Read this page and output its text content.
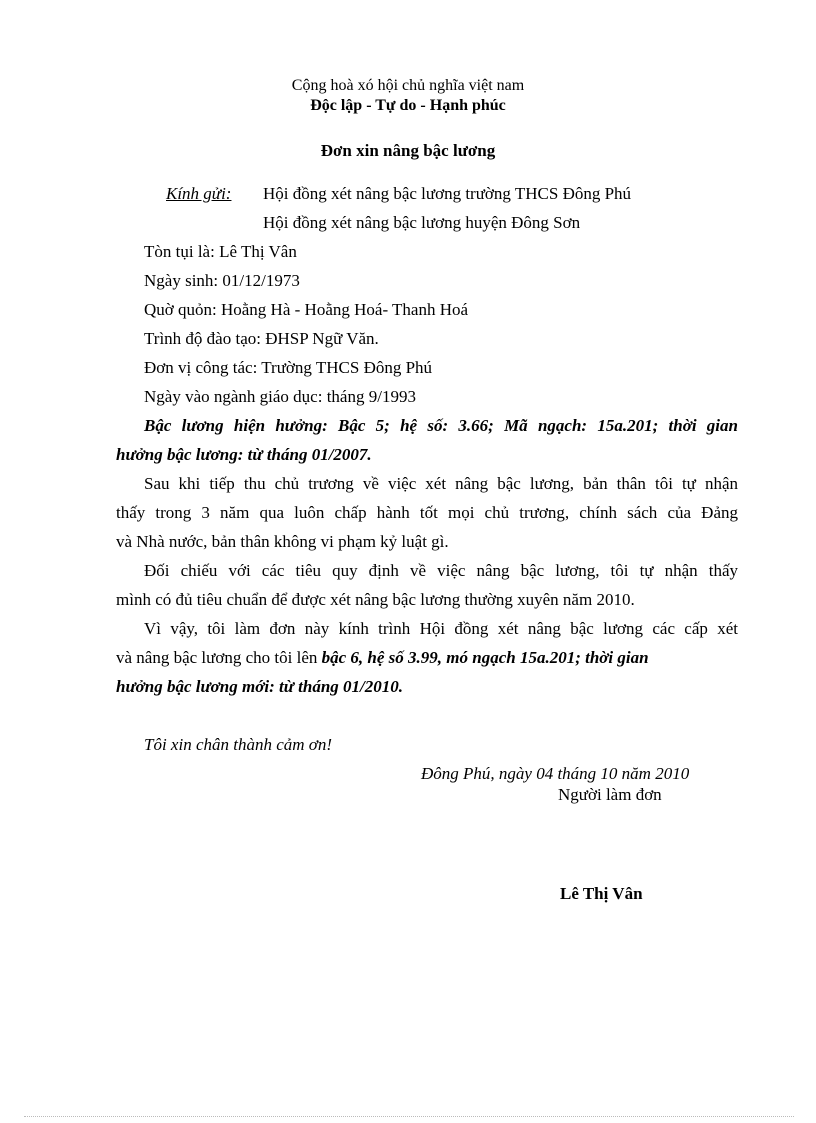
Cộng hoà xó hội chủ nghĩa việt nam
Độc lập - Tự do - Hạnh phúc
Đơn xin nâng bậc lương
Kính gửi: Hội đồng xét nâng bậc lương trường THCS Đông Phú
Hội đồng xét nâng bậc lương huyện Đông Sơn
Tòn tụi là: Lê Thị Vân
Ngày sinh: 01/12/1973
Quờ quỏn: Hoằng Hà - Hoằng Hoá- Thanh Hoá
Trình độ đào tạo: ĐHSP Ngữ Văn.
Đơn vị công tác: Trường THCS Đông Phú
Ngày vào ngành giáo dục: tháng 9/1993
Bậc lương hiện hưởng: Bậc 5; hệ số: 3.66; Mã ngạch: 15a.201; thời gian
hưởng bậc lương: từ tháng 01/2007.
Sau khi tiếp thu chủ trương về việc xét nâng bậc lương, bản thân tôi tự nhận
thấy trong 3 năm qua luôn chấp hành tốt mọi chủ trương, chính sách của Đảng
và Nhà nước, bản thân không vi phạm kỷ luật gì.
Đối chiếu với các tiêu quy định về việc nâng bậc lương, tôi tự nhận thấy
mình có đủ tiêu chuẩn để được xét nâng bậc lương thường xuyên năm 2010.
Vì vậy, tôi làm đơn này kính trình Hội đồng xét nâng bậc lương các cấp xét
và nâng bậc lương cho tôi lên bậc 6, hệ số 3.99, mó ngạch 15a.201; thời gian
hưởng bậc lương mới: từ tháng 01/2010.
Tôi xin chân thành cảm ơn!
Đông Phú, ngày 04 tháng 10 năm 2010
Người làm đơn
Lê Thị Vân
